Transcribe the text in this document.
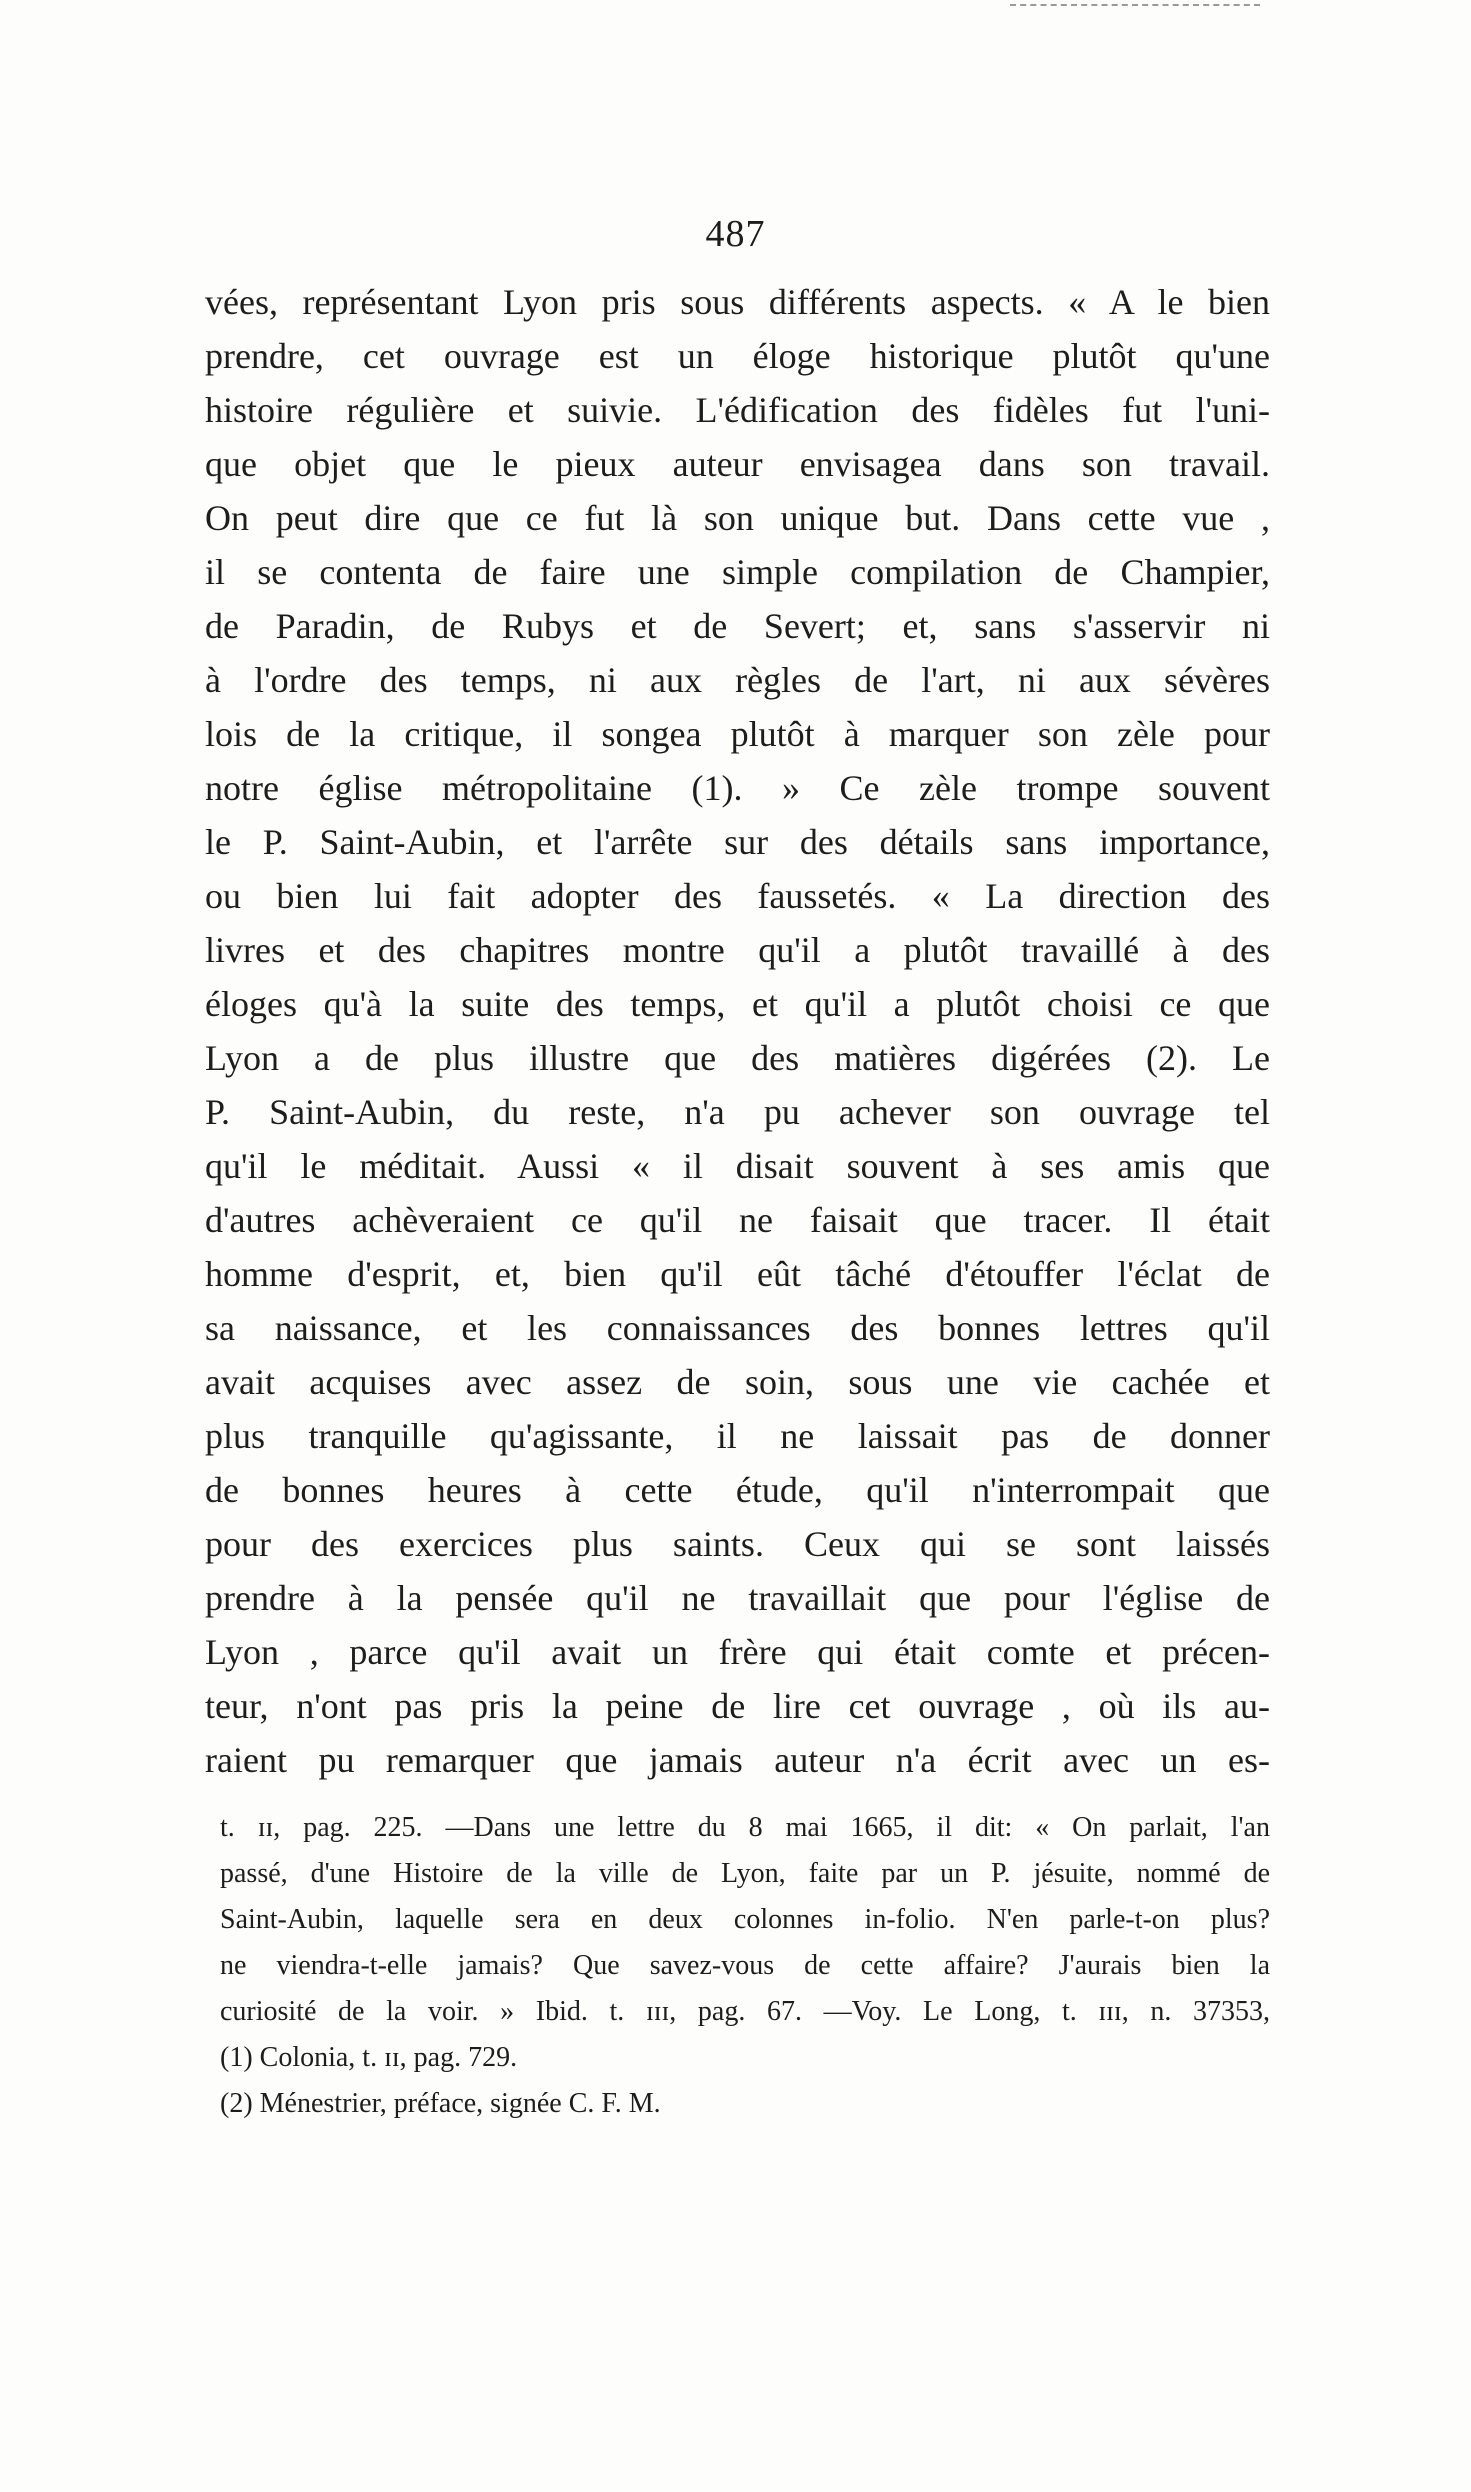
487
vées, représentant Lyon pris sous différents aspects. « A le bien
prendre, cet ouvrage est un éloge historique plutôt qu'une
histoire régulière et suivie. L'édification des fidèles fut l'uni-
que objet que le pieux auteur envisagea dans son travail.
On peut dire que ce fut là son unique but. Dans cette vue ,
il se contenta de faire une simple compilation de Champier,
de Paradin, de Rubys et de Severt; et, sans s'asservir ni
à l'ordre des temps, ni aux règles de l'art, ni aux sévères
lois de la critique, il songea plutôt à marquer son zèle pour
notre église métropolitaine (1). » Ce zèle trompe souvent
le P. Saint-Aubin, et l'arrête sur des détails sans importance,
ou bien lui fait adopter des faussetés. « La direction des
livres et des chapitres montre qu'il a plutôt travaillé à des
éloges qu'à la suite des temps, et qu'il a plutôt choisi ce que
Lyon a de plus illustre que des matières digérées (2). Le
P. Saint-Aubin, du reste, n'a pu achever son ouvrage tel
qu'il le méditait. Aussi « il disait souvent à ses amis que
d'autres achèveraient ce qu'il ne faisait que tracer. Il était
homme d'esprit, et, bien qu'il eût tâché d'étouffer l'éclat de
sa naissance, et les connaissances des bonnes lettres qu'il
avait acquises avec assez de soin, sous une vie cachée et
plus tranquille qu'agissante, il ne laissait pas de donner
de bonnes heures à cette étude, qu'il n'interrompait que
pour des exercices plus saints. Ceux qui se sont laissés
prendre à la pensée qu'il ne travaillait que pour l'église de
Lyon , parce qu'il avait un frère qui était comte et précen-
teur, n'ont pas pris la peine de lire cet ouvrage , où ils au-
raient pu remarquer que jamais auteur n'a écrit avec un es-
t. ɪɪ, pag. 225. —Dans une lettre du 8 mai 1665, il dit: « On parlait, l'an
passé, d'une Histoire de la ville de Lyon, faite par un P. jésuite, nommé de
Saint-Aubin, laquelle sera en deux colonnes in-folio. N'en parle-t-on plus?
ne viendra-t-elle jamais? Que savez-vous de cette affaire? J'aurais bien la
curiosité de la voir. » Ibid. t. ɪɪɪ, pag. 67. —Voy. Le Long, t. ɪɪɪ, n. 37353,
(1) Colonia, t. ɪɪ, pag. 729.
(2) Ménestrier, préface, signée C. F. M.
